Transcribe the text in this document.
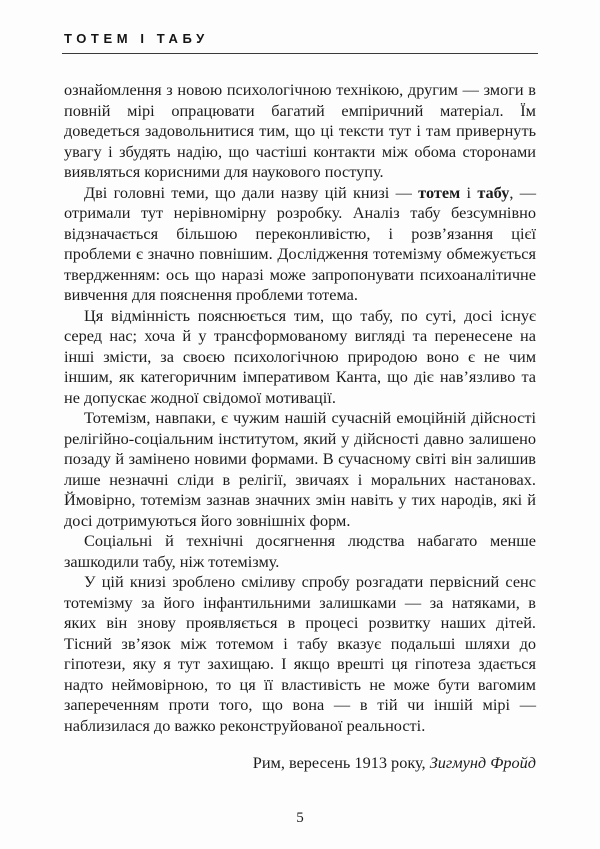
ТОТЕМ І ТАБУ

ознайомлення з новою психологічною технікою, другим — змоги в повній мірі опрацювати багатий емпіричний матеріал. Їм доведеться задовольнитися тим, що ці тексти тут і там привернуть увагу і збудять надію, що частіші контакти між обома сторонами виявляться корисними для наукового поступу.

Дві головні теми, що дали назву цій книзі — тотем і табу, — отримали тут нерівномірну розробку. Аналіз табу безсумнівно відзначається більшою переконливістю, і розв’язання цієї проблеми є значно повнішим. Дослідження тотемізму обмежується твердженням: ось що наразі може запропонувати психоаналітичне вивчення для пояснення проблеми тотема.

Ця відмінність пояснюється тим, що табу, по суті, досі існує серед нас; хоча й у трансформованому вигляді та перенесене на інші змісти, за своєю психологічною природою воно є не чим іншим, як категоричним імперативом Канта, що діє нав’язливо та не допускає жодної свідомої мотивації.

Тотемізм, навпаки, є чужим нашій сучасній емоційній дійсності релігійно-соціальним інститутом, який у дійсності давно залишено позаду й замінено новими формами. В сучасному світі він залишив лише незначні сліди в релігії, звичаях і моральних настановах. Ймовірно, тотемізм зазнав значних змін навіть у тих народів, які й досі дотримуються його зовнішніх форм.

Соціальні й технічні досягнення людства набагато менше зашкодили табу, ніж тотемізму.

У цій книзі зроблено сміливу спробу розгадати первісний сенс тотемізму за його інфантильними залишками — за натяками, в яких він знову проявляється в процесі розвитку наших дітей. Тісний зв’язок між тотемом і табу вказує подальші шляхи до гіпотези, яку я тут захищаю. І якщо врешті ця гіпотеза здається надто неймовірною, то ця її властивість не може бути вагомим запереченням проти того, що вона — в тій чи іншій мірі — наблизилася до важко реконструйованої реальності.

Рим, вересень 1913 року, Зигмунд Фройд
5
